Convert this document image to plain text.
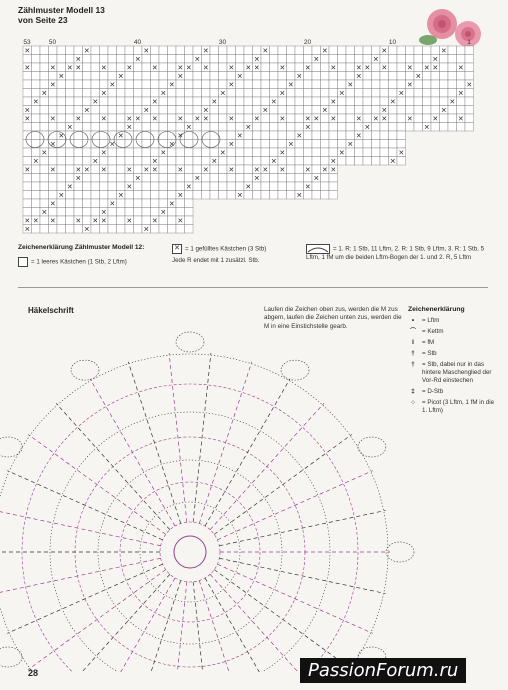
Zählmuster Modell 13
von Seite 23
✕
✕
✕
✕
✕
✕
✕
✕
✕
✕
✕
✕
✕
✕
✕
✕
✕
✕
✕
✕
✕
✕
✕
✕
✕
✕
✕
✕
✕
✕
✕
✕
✕
✕
✕
✕
✕
✕
✕
✕
✕
✕
✕
✕
✕
✕
✕
✕
✕
✕
✕
✕
✕
✕
✕
✕
✕
✕
✕
✕
✕
✕
✕
✕
✕
✕
✕
✕
✕
✕
✕
✕
✕
✕
✕
✕
✕
✕
✕
✕
✕
✕
✕
✕
✕
✕
✕
✕
✕
✕
✕
✕
✕
✕
✕
✕
✕
✕
✕
✕
✕
✕
✕
✕
✕
✕
✕
✕
✕
✕
✕
✕
✕
✕
✕
✕
✕
✕
✕
✕
✕
✕
✕
✕
✕
✕
✕
✕
✕
✕
✕
✕
✕
✕
✕
✕
✕
✕
✕
✕
✕
✕
✕
✕
✕
✕
✕
✕
✕
✕
✕
✕
✕
✕
✕
✕
✕
✕
✕
✕
✕
✕
✕
✕
✕
✕
✕
✕
✕
✕
✕
✕
✕
✕
✕
✕
✕
✕
✕
✕
✕
✕
53	50	40	30	20	10	1
Zeichenerklärung Zählmuster Modell 12:
= 1 leeres Kästchen (1 Stb, 2 Lftm)
✕ = 1 gefülltes Kästchen (3 Stb)
Jede R endet mit 1 zusätzl. Stb.
= 1. R: 1 Stb, 11 Lftm, 2. R: 1 Stb, 9 Lftm, 3. R: 1 Stb, 5 Lftm, 1 fM um die beiden Lftm-Bogen der 1. und 2. R, 5 Lftm
Häkelschrift	Laufen die Zeichen oben zus, werden die M zus abgem, laufen die Zeichen unten zus, werden die M in eine Einstichstelle gearb.
Zeichenerklärung
•	= Lftm
⌒ = Kettm
I	= fM
†	= Stb
†	= Stb, dabei nur in das hintere Maschenglied der Vor-Rd einstechen
‡	= D-Stb
○	= Picot (3 Lftm, 1 fM in die 1. Lftm)
28	PassionForum.ru
